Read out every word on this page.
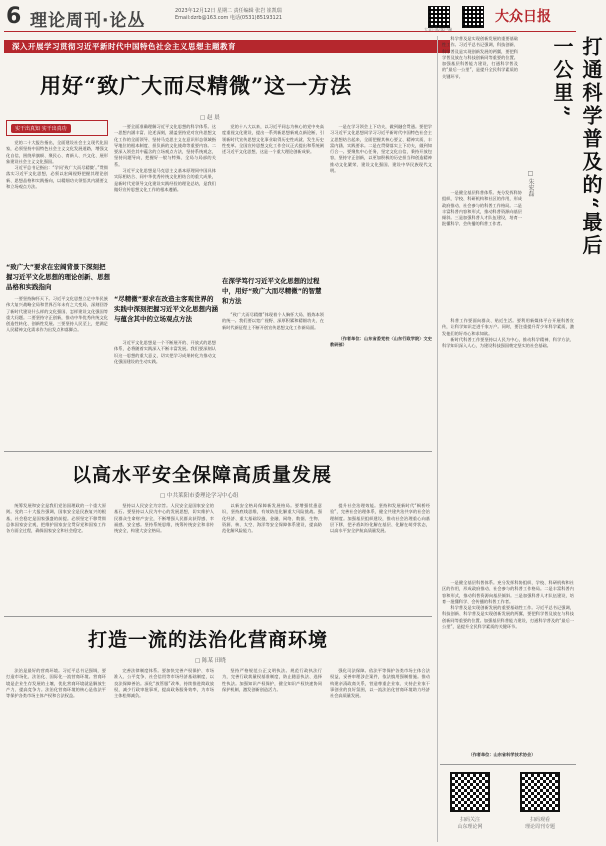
6 理论周刊·论丛	2023年12月12日 星期二 责任编辑 张岩 崔凯瑞
Email:dzrb@163.com 电话(0531)85193121
大众日报客户端
大众日报
深入开展学习贯彻习近平新时代中国特色社会主义思想主题教育
用好“致广大而尽精微”这一方法
□ 赵 晨
实干出真知 实干出真功

党的二十大报告指出，全面建设社会主义现代化国家，必须坚持中国特色社会主义文化发展道路，增强文化自信，围绕举旗帜、聚民心、育新人、兴文化、展形象建设社会主义文化强国。

习近平总书记指出：“学问‘致广大而尽精微’。”贯彻落实习近平文化思想，必须以宏阔视野把握其理论创新、思想品格和实践指向，以精细功夫领悟其内涵要义和立场观点方法。

“致广大”要求在宏阔背景下深刻把握习近平文化思想的理论创新、思想品格和实践指向

一要坚持胸怀天下。习近平文化思想立足中华民族伟大复兴战略全局和世界百年未有之大变局，深刻回答了新时代建设什么样的文化强国、怎样建设文化强国等重大问题。二要坚持守正创新，推动中华优秀传统文化创造性转化、创新性发展。三要坚持人民至上，把满足人民精神文化需求作为出发点和落脚点。

一要全面准确理解习近平文化思想的科学体系。这一思想内涵丰富、论述深刻，涵盖坚持党对宣传思想文化工作的全面领导、坚持马克思主义在意识形态领域指导地位的根本制度、担负新的文化使命等重要内容。二要深入领会其中蕴含的立场观点方法，坚持系统观念，坚持问题导向，把握好一般与特殊、全局与局部的关系。

习近平文化思想是马克思主义基本原理同中国具体实际相结合、同中华优秀传统文化相结合的重大成果，是新时代党领导文化建设实践经验的理论总结，是我们做好宣传思想文化工作的根本遵循。

“尽精微”要求在改造主客观世界的实践中深刻把握习近平文化思想内涵与蕴含其中的立场观点方法

习近平文化思想是一个不断展开的、开放式的思想体系，必将随着实践深入不断丰富发展。我们要深刻认识这一思想的重大意义，切实把学习成果转化为推动文化强国建设的生动实践。

党的十八大以来，以习近平同志为核心的党中央高度重视文化建设，提出一系列新思想新观点新论断，引领新时代宣传思想文化事业取得历史性成就、发生历史性变革。全国宣传思想文化工作会议正式提出和系统阐述习近平文化思想，这是一个重大理论创新成果。

在深学笃行习近平文化思想的过程中，用好“致广大而尽精微”的智慧和方法

“致广大而尽精微”体现着个人胸怀大局、锻炼本领的统一。我们要以宽广视野、深厚积累和精细功夫，在新时代新征程上不断开创宣传思想文化工作新局面。

一是在学习领会上下功夫，做到融会贯通。要把学习习近平文化思想同学习习近平新时代中国特色社会主义思想结合起来，全面把握其核心要义、精神实质、丰富内涵、实践要求。二是在贯彻落实上下功夫，做到知行合一。要聚焦中心任务，坚定文化自信，秉持开放包容，坚持守正创新，以更加积极的历史担当和创造精神推动文化繁荣、建设文化强国、建设中华民族现代文明。

（作者单位：山东省委党校〈山东行政学院〉文史教研部）

以高水平安全保障高质量发展
□ 中共莱阳市委理论学习中心组

统筹发展和安全是我们党治国理政的一个重大原则。党的二十大报告强调，国家安全是民族复兴的根基，社会稳定是国家强盛的前提。必须坚定不移贯彻总体国家安全观，把维护国家安全贯穿党和国家工作各方面全过程，确保国家安全和社会稳定。

坚持以人民安全为宗旨。人民安全是国家安全的基石。要坚持以人民为中心的发展思想，切实维护人民群众生命财产安全，不断增强人民群众获得感、幸福感、安全感。坚持系统思维，统筹传统安全和非传统安全，构建大安全格局。

以新安全格局保障新发展格局。要增强忧患意识，坚持底线思维，有效防范化解重大风险挑战。强化经济、重大基础设施、金融、网络、数据、生物、资源、核、太空、海洋等安全保障体系建设，提高防范化解风险能力。

提升社会治理效能。坚持和发展新时代“枫桥经验”，完善社会治理体系，健全共建共治共享的社会治理制度。加强基层组织建设，推动社会治理重心向基层下移，把矛盾纠纷化解在基层、化解在萌芽状态，以高水平安全护航高质量发展。

打造一流的法治化营商环境
□ 陈某 田晓

法治是最好的营商环境。习近平总书记强调，要打造市场化、法治化、国际化一流营商环境。营商环境是企业生存发展的土壤，优化营商环境就是解放生产力、提高竞争力。法治化营商环境的核心是依法平等保护各类市场主体产权和合法权益。

完善法律制度体系。要加快完善产权保护、市场准入、公平竞争、社会信用等市场经济基础制度，以良法保障善治。深化“放管服”改革，持续推进简政放权，减少行政审批事项，提高政务服务效率，为市场主体松绑减负。

坚持严格规范公正文明执法。规范行政执法行为，完善行政裁量权基准制度，防止随意执法、选择性执法。加强知识产权保护，健全知识产权快速协同保护机制，激发创新创造活力。

强化司法保障。依法平等保护各类市场主体合法权益，妥善审理涉企案件，依法慎用强制措施。推动构建亲清政商关系，营造尊重企业家、支持企业家干事创业的良好氛围，以一流法治化营商环境助力经济社会高质量发展。

科学普及是实现创新发展的重要基础性工作。习近平总书记强调，科技创新、科学普及是实现创新发展的两翼，要把科学普及放在与科技创新同等重要的位置。加强基层科普能力建设，打通科学普及的“最后一公里”，是提升全民科学素质的关键环节。	打通科学普及的“最后一公里”
□ 朱宏磊

一是健全基层科普体系。充分发挥科协组织、学校、科研机构和社区的作用，形成政府推动、社会参与的科普工作格局。二是丰富科普内容和形式，推动科普资源向基层倾斜。三是加强科普人才队伍建设，培育一批懂科学、会传播的科普工作者。

科普工作要面向群众、贴近生活。要利用新媒体平台开展科普宣传，让科学知识走进千家万户。同时，要注重提升青少年科学素质，激发他们的好奇心和求知欲。

新时代科普工作要坚持以人民为中心，推动科学精神、科学方法、科学知识深入人心，为建设科技强国奠定坚实的社会基础。

一是健全基层科普体系。充分发挥科协组织、学校、科研机构和社区的作用，形成政府推动、社会参与的科普工作格局。二是丰富科普内容和形式，推动科普资源向基层倾斜。三是加强科普人才队伍建设，培育一批懂科学、会传播的科普工作者。

科学普及是实现创新发展的重要基础性工作。习近平总书记强调，科技创新、科学普及是实现创新发展的两翼，要把科学普及放在与科技创新同等重要的位置。加强基层科普能力建设，打通科学普及的“最后一公里”，是提升全民科学素质的关键环节。

（作者单位：山东省科学技术协会）

扫码关注
山东理论网
扫码观看
理论周刊专题
